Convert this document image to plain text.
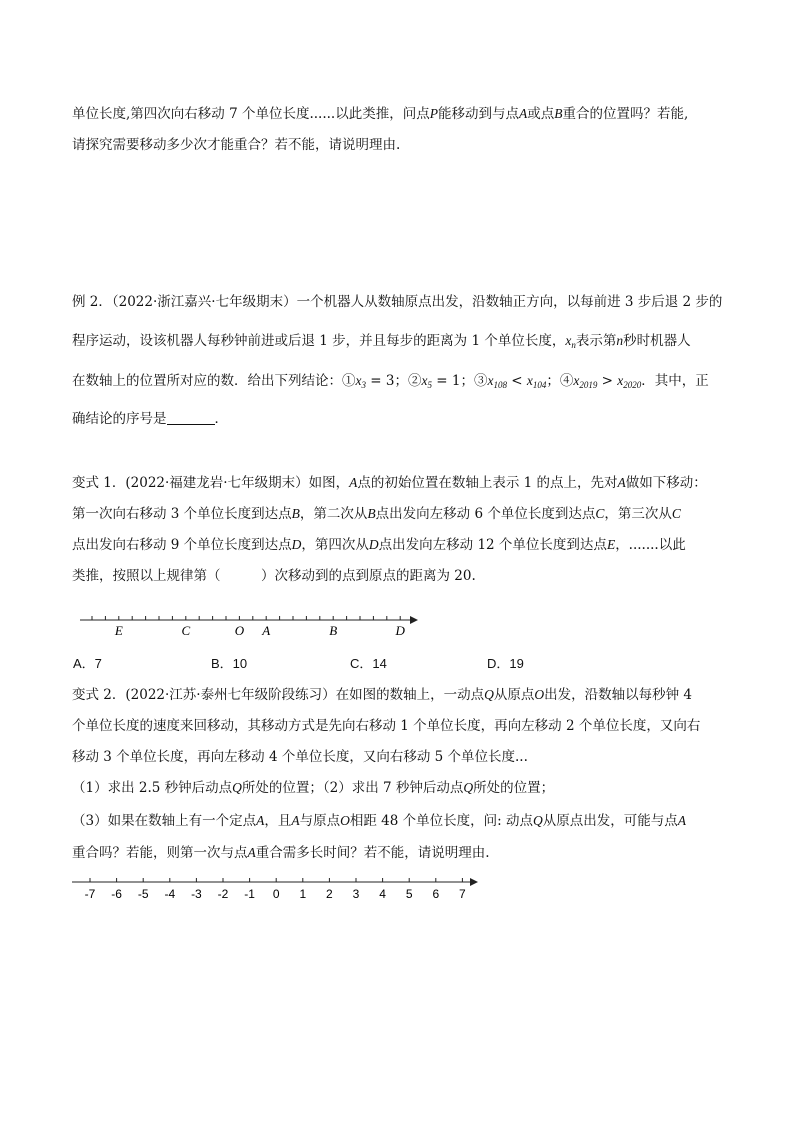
单位长度,第四次向右移动 7 个单位长度......以此类推，问点P能移动到与点A或点B重合的位置吗？若能,
请探究需要移动多少次才能重合？若不能，请说明理由.
例 2．（2022·浙江嘉兴·七年级期末）一个机器人从数轴原点出发，沿数轴正方向，以每前进 3 步后退 2 步的
程序运动，设该机器人每秒钟前进或后退 1 步，并且每步的距离为 1 个单位长度，$x_n$表示第n秒时机器人
在数轴上的位置所对应的数．给出下列结论：$①x_3 = 3$；$②x_5 = 1$；$③x_{108} < x_{104}$；$④x_{2019} > x_{2020}$．其中，正
确结论的序号是	．
变式 1．(2022·福建龙岩·七年级期末）如图，A点的初始位置在数轴上表示 1 的点上，先对A做如下移动：
第一次向右移动 3 个单位长度到达点B，第二次从B点出发向左移动 6 个单位长度到达点C，第三次从C
点出发向右移动 9 个单位长度到达点D，第四次从D点出发向左移动 12 个单位长度到达点E，.......以此
类推，按照以上规律第（　　　）次移动到的点到原点的距离为 20.
E	C	O A	B	D
A．7	B．10	C．14	D．19
变式 2．(2022·江苏·泰州七年级阶段练习）在如图的数轴上，一动点Q从原点O出发，沿数轴以每秒钟 4
个单位长度的速度来回移动，其移动方式是先向右移动 1 个单位长度，再向左移动 2 个单位长度，又向右
移动 3 个单位长度，再向左移动 4 个单位长度，又向右移动 5 个单位长度...
（1）求出 2.5 秒钟后动点Q所处的位置；（2）求出 7 秒钟后动点Q所处的位置；
（3）如果在数轴上有一个定点A，且A与原点O相距 48 个单位长度，问: 动点Q从原点出发，可能与点A
重合吗？若能，则第一次与点A重合需多长时间？若不能，请说明理由.
-7 -6 -5 -4 -3 -2 -1 0 1 2 3 4 5 6 7
